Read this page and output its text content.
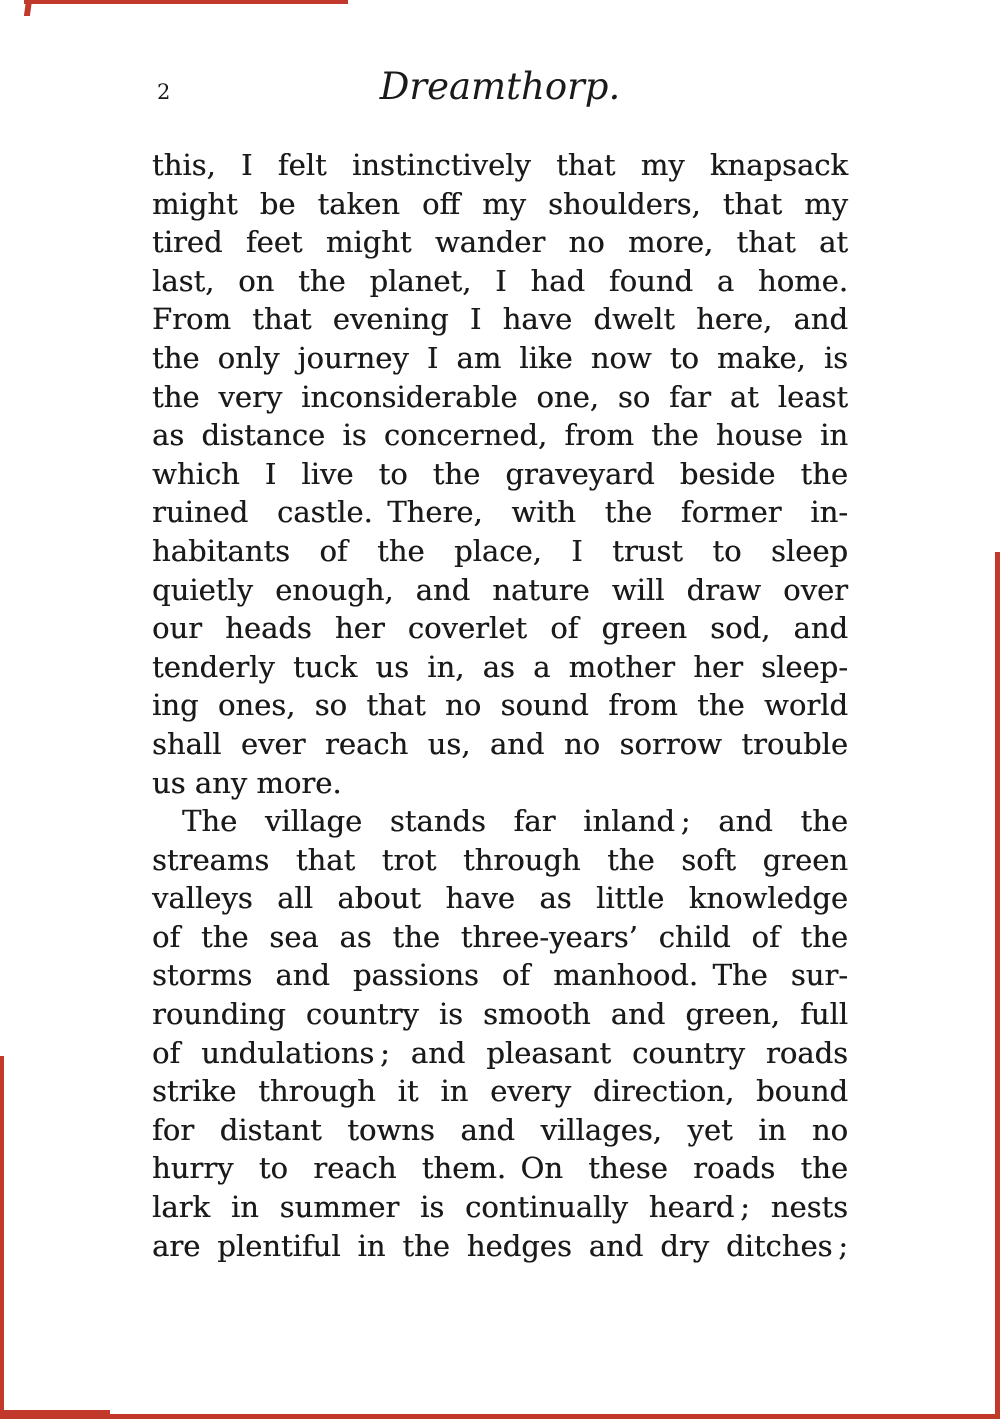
2	Dreamthorp.
this, I felt instinctively that my knapsack
might be taken off my shoulders, that my
tired feet might wander no more, that at
last, on the planet, I had found a home.
From that evening I have dwelt here, and
the only journey I am like now to make, is
the very inconsiderable one, so far at least
as distance is concerned, from the house in
which I live to the graveyard beside the
ruined castle. There, with the former in-
habitants of the place, I trust to sleep
quietly enough, and nature will draw over
our heads her coverlet of green sod, and
tenderly tuck us in, as a mother her sleep-
ing ones, so that no sound from the world
shall ever reach us, and no sorrow trouble
us any more.
The village stands far inland ; and the
streams that trot through the soft green
valleys all about have as little knowledge
of the sea as the three-years’ child of the
storms and passions of manhood. The sur-
rounding country is smooth and green, full
of undulations ; and pleasant country roads
strike through it in every direction, bound
for distant towns and villages, yet in no
hurry to reach them. On these roads the
lark in summer is continually heard ; nests
are plentiful in the hedges and dry ditches ;
